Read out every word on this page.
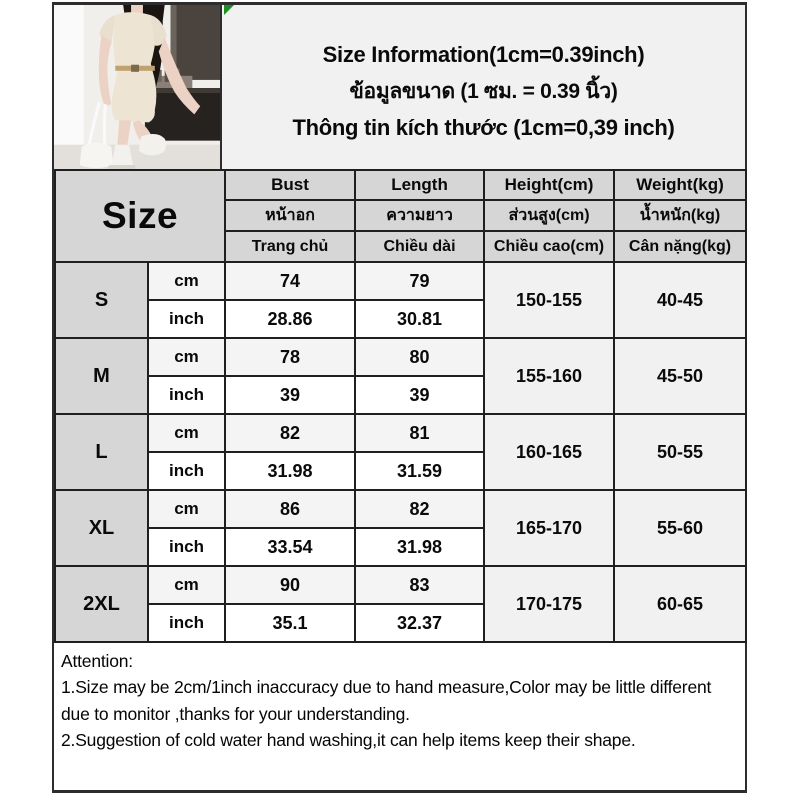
Size Information(1cm=0.39inch)
ข้อมูลขนาด (1 ซม. = 0.39 นิ้ว)
Thông tin kích thước (1cm=0,39 inch)
Size		Bust	Length	Height(cm)	Weight(kg)
		หน้าอก	ความยาว	ส่วนสูง(cm)	น้ำหนัก(kg)
		Trang chủ	Chiều dài	Chiều cao(cm)	Cân nặng(kg)
S	cm	74	79	150-155	40-45
	inch	28.86	30.81		
M	cm	78	80	155-160	45-50
	inch	39	39		
L	cm	82	81	160-165	50-55
	inch	31.98	31.59		
XL	cm	86	82	165-170	55-60
	inch	33.54	31.98		
2XL	cm	90	83	170-175	60-65
	inch	35.1	32.37		

Attention:

1.Size may be 2cm/1inch inaccuracy due to hand measure,Color may be little different due to monitor ,thanks for your understanding.

2.Suggestion of cold water hand washing,it can help items keep their shape.
